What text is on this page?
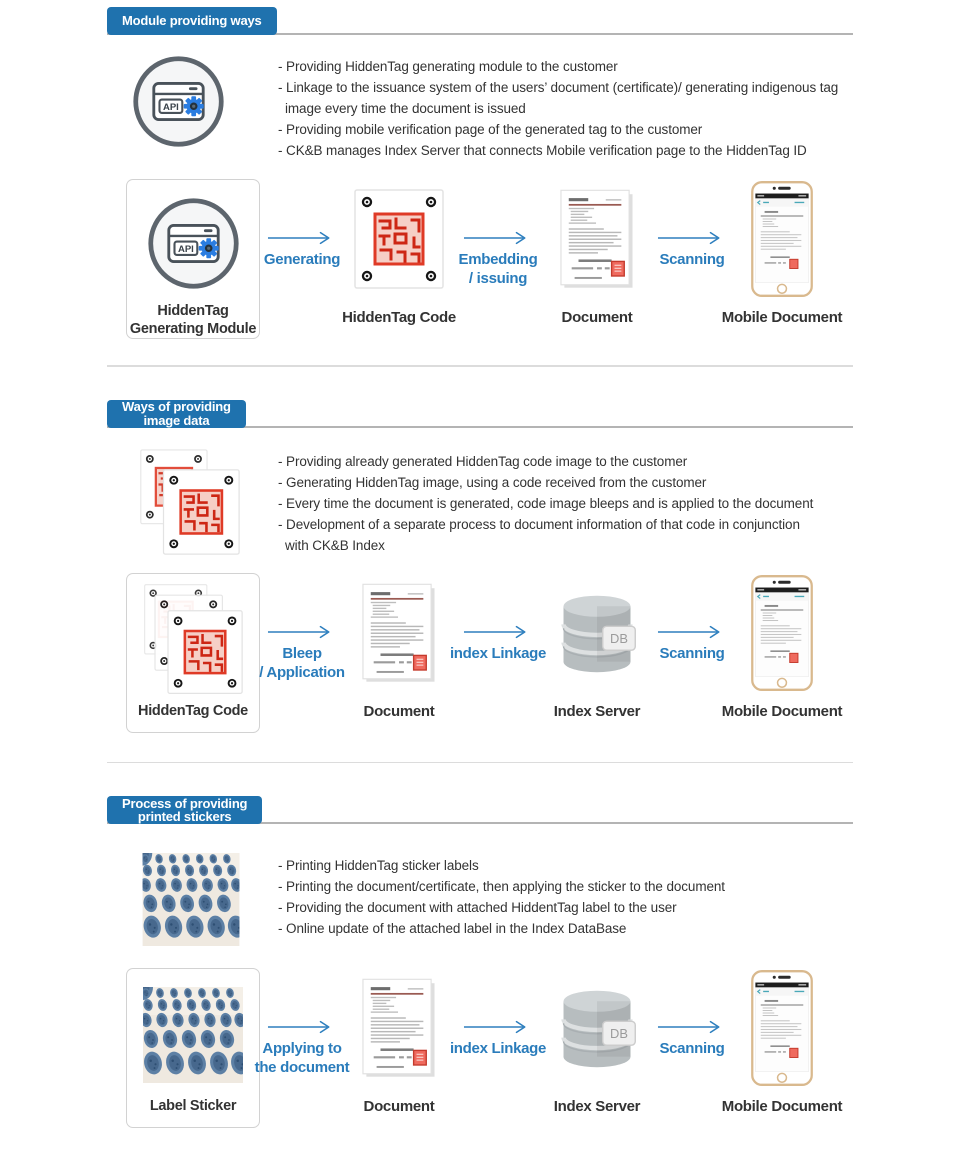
Module providing ways
- Providing HiddenTag generating module to the customer
- Linkage to the issuance system of the users’ document (certificate)/ generating indigenous tag
image every time the document is issued
- Providing mobile verification page of the generated tag to the customer
- CK&B manages Index Server that connects Mobile verification page to the HiddenTag ID
HiddenTag
Generating Module
Generating
HiddenTag Code
Embedding
/ issuing
Document
Scanning
Mobile Document
Ways of providing
image data
- Providing already generated HiddenTag code image to the customer
- Generating HiddenTag image, using a code received from the customer
- Every time the document is generated, code image bleeps and is applied to the document
- Development of a separate process to document information of that code in conjunction
with CK&B Index
HiddenTag Code
Bleep
/ Application
Document
index Linkage
Index Server
Scanning
Mobile Document
Process of providing
printed stickers
- Printing HiddenTag sticker labels
- Printing the document/certificate, then applying the sticker to the document
- Providing the document with attached HiddentTag label to the user
- Online update of the attached label in the Index DataBase
Label Sticker
Applying to
the document
Document
index Linkage
Index Server
Scanning
Mobile Document
